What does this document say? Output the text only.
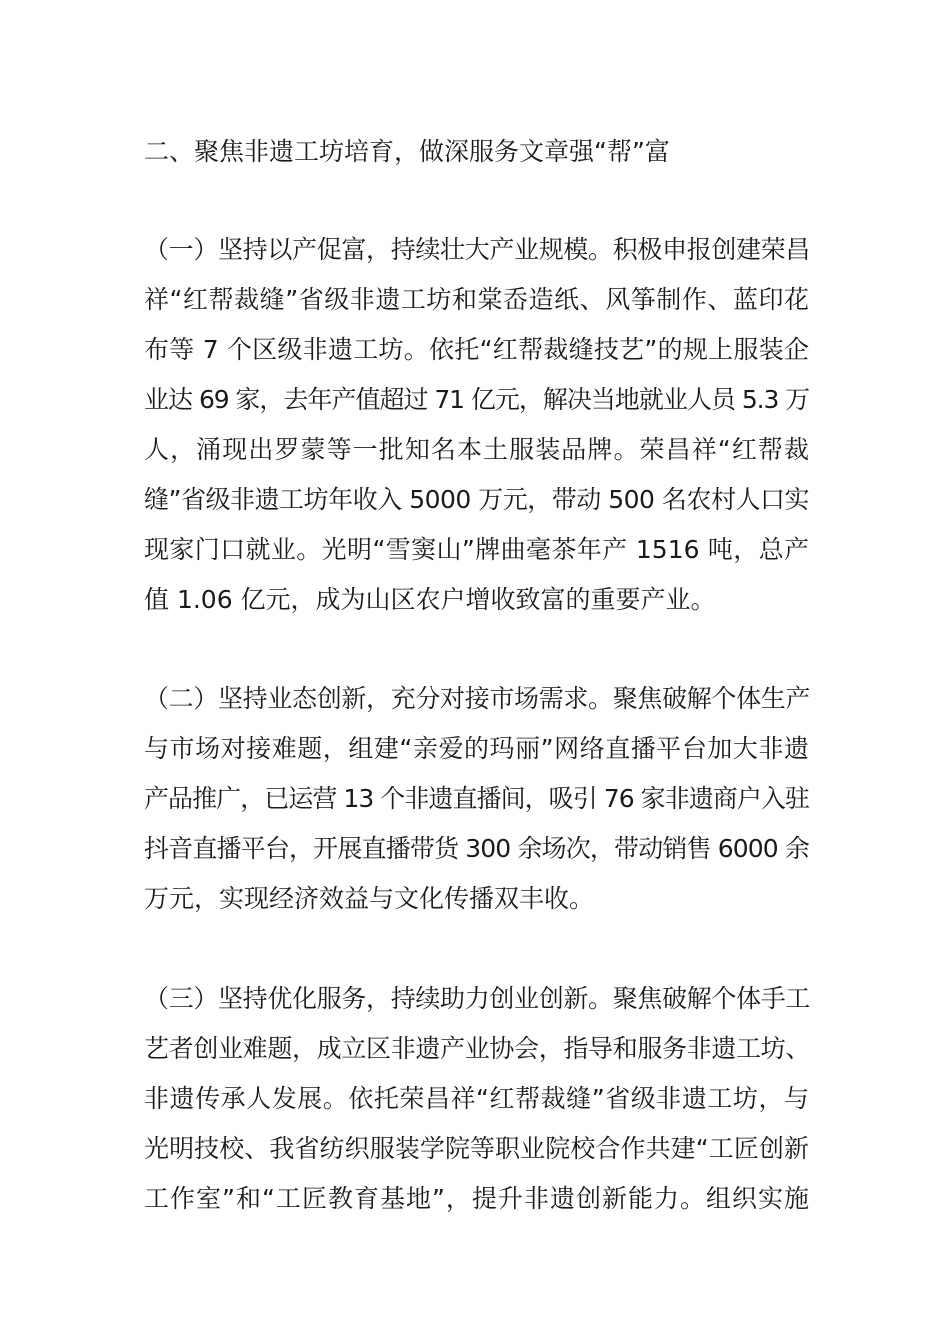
二、聚焦非遗工坊培育，做深服务文章强“帮”富

（一）坚持以产促富，持续壮大产业规模。积极申报创建荣昌
祥“红帮裁缝”省级非遗工坊和棠岙造纸、风筝制作、蓝印花
布等 7 个区级非遗工坊。依托“红帮裁缝技艺”的规上服装企
业达 69 家，去年产值超过 71 亿元，解决当地就业人员 5.3 万
人，涌现出罗蒙等一批知名本土服装品牌。荣昌祥“红帮裁
缝”省级非遗工坊年收入 5000 万元，带动 500 名农村人口实
现家门口就业。光明“雪窦山”牌曲毫茶年产 1516 吨，总产
值 1.06 亿元，成为山区农户增收致富的重要产业。
（二）坚持业态创新，充分对接市场需求。聚焦破解个体生产
与市场对接难题，组建“亲爱的玛丽”网络直播平台加大非遗
产品推广，已运营 13 个非遗直播间，吸引 76 家非遗商户入驻
抖音直播平台，开展直播带货 300 余场次，带动销售 6000 余
万元，实现经济效益与文化传播双丰收。
（三）坚持优化服务，持续助力创业创新。聚焦破解个体手工
艺者创业难题，成立区非遗产业协会，指导和服务非遗工坊、
非遗传承人发展。依托荣昌祥“红帮裁缝”省级非遗工坊，与
光明技校、我省纺织服装学院等职业院校合作共建“工匠创新
工作室”和“工匠教育基地”，提升非遗创新能力。组织实施
